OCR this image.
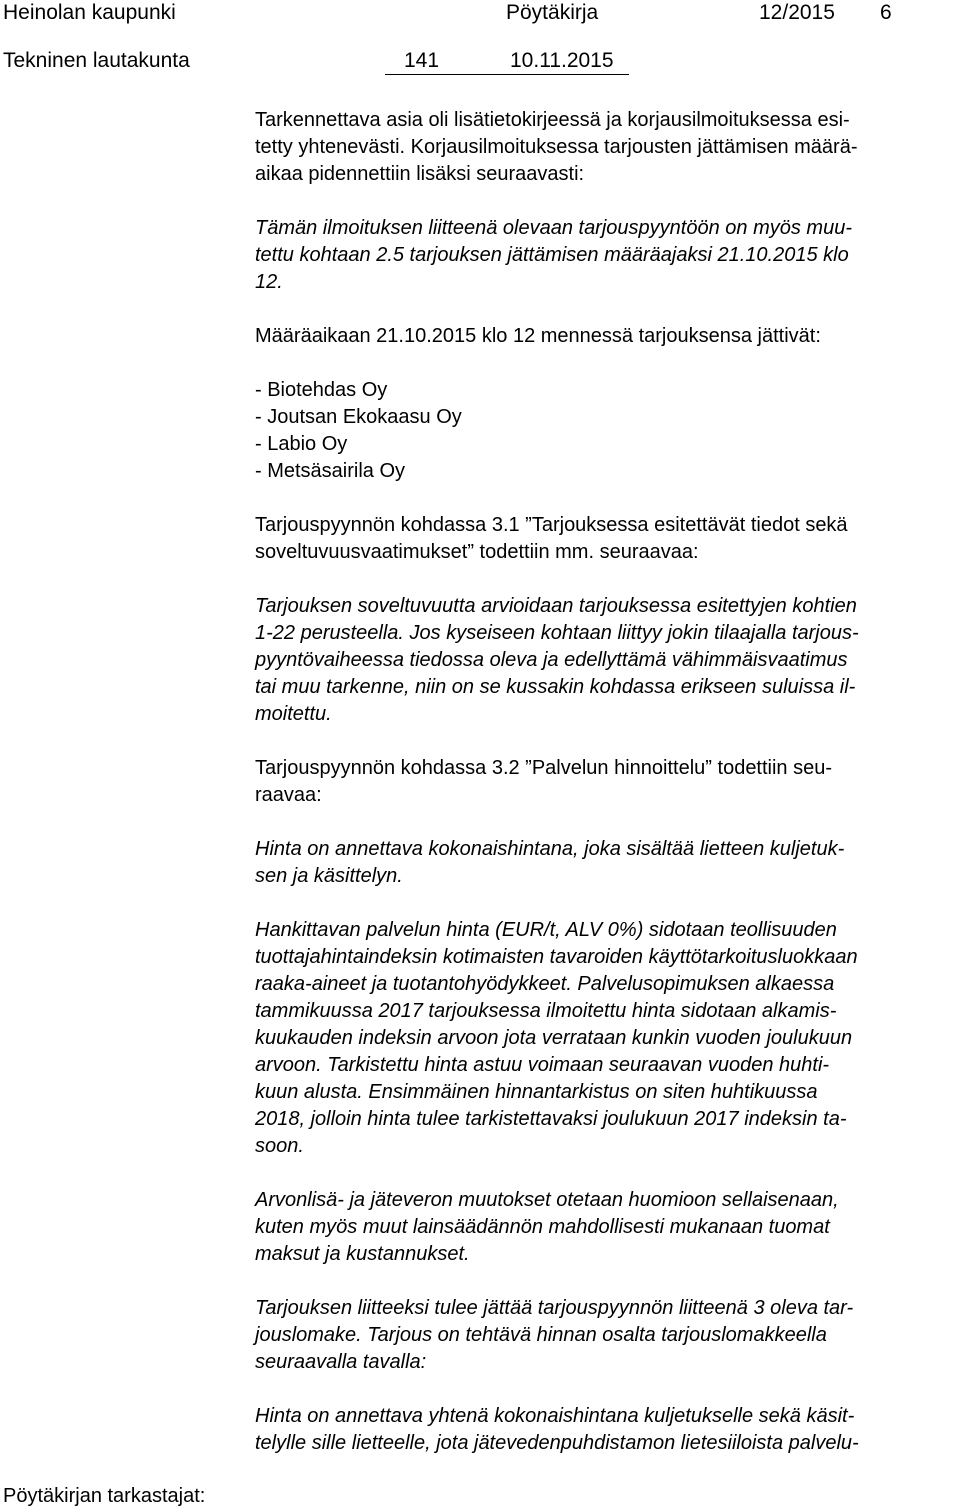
Heinolan kaupunki	Pöytäkirja	12/2015 6
Tekninen lautakunta	141	10.11.2015

Tarkennettava asia oli lisätietokirjeessä ja korjausilmoituksessa esi-
tetty yhtenevästi. Korjausilmoituksessa tarjousten jättämisen määrä-
aikaa pidennettiin lisäksi seuraavasti:

Tämän ilmoituksen liitteenä olevaan tarjouspyyntöön on myös muu-
tettu kohtaan 2.5 tarjouksen jättämisen määräajaksi 21.10.2015 klo
12.

Määräaikaan 21.10.2015 klo 12 mennessä tarjouksensa jättivät:

- Biotehdas Oy
- Joutsan Ekokaasu Oy
- Labio Oy
- Metsäsairila Oy

Tarjouspyynnön kohdassa 3.1 ”Tarjouksessa esitettävät tiedot sekä
soveltuvuusvaatimukset” todettiin mm. seuraavaa:

Tarjouksen soveltuvuutta arvioidaan tarjouksessa esitettyjen kohtien
1-22 perusteella. Jos kyseiseen kohtaan liittyy jokin tilaajalla tarjous-
pyyntövaiheessa tiedossa oleva ja edellyttämä vähimmäisvaatimus
tai muu tarkenne, niin on se kussakin kohdassa erikseen suluissa il-
moitettu.

Tarjouspyynnön kohdassa 3.2 ”Palvelun hinnoittelu” todettiin seu-
raavaa:

Hinta on annettava kokonaishintana, joka sisältää lietteen kuljetuk-
sen ja käsittelyn.

Hankittavan palvelun hinta (EUR/t, ALV 0%) sidotaan teollisuuden
tuottajahintaindeksin kotimaisten tavaroiden käyttötarkoitusluokkaan
raaka-aineet ja tuotantohyödykkeet. Palvelusopimuksen alkaessa
tammikuussa 2017 tarjouksessa ilmoitettu hinta sidotaan alkamis-
kuukauden indeksin arvoon jota verrataan kunkin vuoden joulukuun
arvoon. Tarkistettu hinta astuu voimaan seuraavan vuoden huhti-
kuun alusta. Ensimmäinen hinnantarkistus on siten huhtikuussa
2018, jolloin hinta tulee tarkistettavaksi joulukuun 2017 indeksin ta-
soon.

Arvonlisä- ja jäteveron muutokset otetaan huomioon sellaisenaan,
kuten myös muut lainsäädännön mahdollisesti mukanaan tuomat
maksut ja kustannukset.

Tarjouksen liitteeksi tulee jättää tarjouspyynnön liitteenä 3 oleva tar-
jouslomake. Tarjous on tehtävä hinnan osalta tarjouslomakkeella
seuraavalla tavalla:

Hinta on annettava yhtenä kokonaishintana kuljetukselle sekä käsit-
telylle sille lietteelle, jota jätevedenpuhdistamon lietesiiloista palvelu-

Pöytäkirjan tarkastajat:
